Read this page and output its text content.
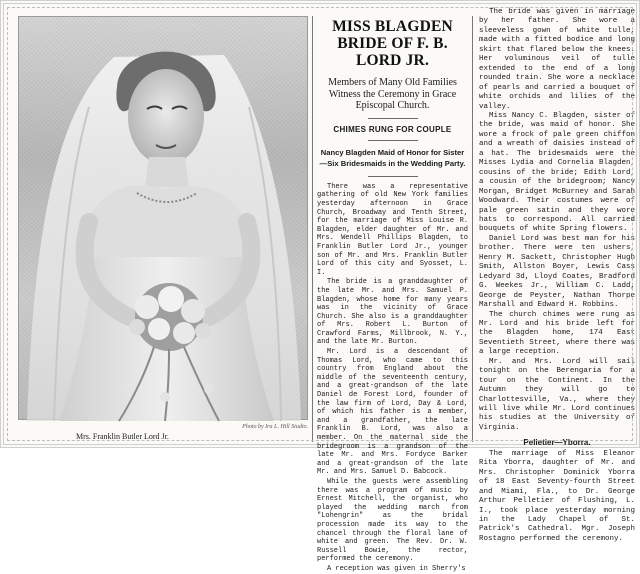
Photo by Ira L. Hill Studio.
Mrs. Franklin Butler Lord Jr.
MISS BLAGDEN BRIDE OF F. B. LORD JR.
Members of Many Old Families Witness the Ceremony in Grace Episcopal Church.
CHIMES RUNG FOR COUPLE
Nancy Blagden Maid of Honor for Sister—Six Bridesmaids in the Wedding Party.

There was a representative gathering of old New York families yesterday afternoon in Grace Church, Broadway and Tenth Street, for the marriage of Miss Louise R. Blagden, elder daughter of Mr. and Mrs. Wendell Phillips Blagden, to Franklin Butler Lord Jr., younger son of Mr. and Mrs. Franklin Butler Lord of this city and Syosset, L. I.

The bride is a granddaughter of the late Mr. and Mrs. Samuel P. Blagden, whose home for many years was in the vicinity of Grace Church. She also is a granddaughter of Mrs. Robert L. Burton of Crawford Farms, Millbrook, N. Y., and the late Mr. Burton.

Mr. Lord is a descendant of Thomas Lord, who came to this country from England about the middle of the seventeenth century, and a great-grandson of the late Daniel de Forest Lord, founder of the law firm of Lord, Day & Lord, of which his father is a member, and a grandfather, the late Franklin B. Lord, was also a member. On the maternal side the bridegroom is a grandson of the late Mr. and Mrs. Fordyce Barker and a great-grandson of the late Mr. and Mrs. Samuel D. Babcock.

While the guests were assembling there was a program of music by Ernest Mitchell, the organist, who played the wedding march from "Lohengrin" as the bridal procession made its way to the chancel through the floral lane of white and green. The Rev. Dr. W. Russell Bowie, the rector, performed the ceremony.

A reception was given in Sherry's

The bride was given in marriage by her father. She wore a sleeveless gown of white tulle, made with a fitted bodice and long skirt that flared below the knees. Her voluminous veil of tulle extended to the end of a long rounded train. She wore a necklace of pearls and carried a bouquet of white orchids and lilies of the valley.

Miss Nancy C. Blagden, sister of the bride, was maid of honor. She wore a frock of pale green chiffon and a wreath of daisies instead of a hat. The bridesmaids were the Misses Lydia and Cornelia Blagden, cousins of the bride; Edith Lord, a cousin of the bridegroom; Nancy Morgan, Bridget McBurney and Sarah Woodward. Their costumes were of pale green satin and they wore hats to correspond. All carried bouquets of white Spring flowers.

Daniel Lord was best man for his brother. There were ten ushers, Henry M. Sackett, Christopher Hugh Smith, Allston Boyer, Lewis Cass Ledyard 3d, Lloyd Coates, Bradford G. Weekes Jr., William C. Ladd, George de Peyster, Nathan Thorpe Marshall and Edward H. Robbins.

The church chimes were rung as Mr. Lord and his bride left for the Blagden home, 174 East Seventieth Street, where there was a large reception.

Mr. and Mrs. Lord will sail tonight on the Berengaria for a tour on the Continent. In the Autumn they will go to Charlottesville, Va., where they will live while Mr. Lord continues his studies at the University of Virginia.

Pelletier—Yborra.

The marriage of Miss Eleanor Rita Yborra, daughter of Mr. and Mrs. Christopher Dominick Yborra of 18 East Seventy-fourth Street and Miami, Fla., to Dr. George Arthur Pelletier of Flushing, L. I., took place yesterday morning in the Lady Chapel of St. Patrick's Cathedral. Mgr. Joseph Rostagno performed the ceremony.
